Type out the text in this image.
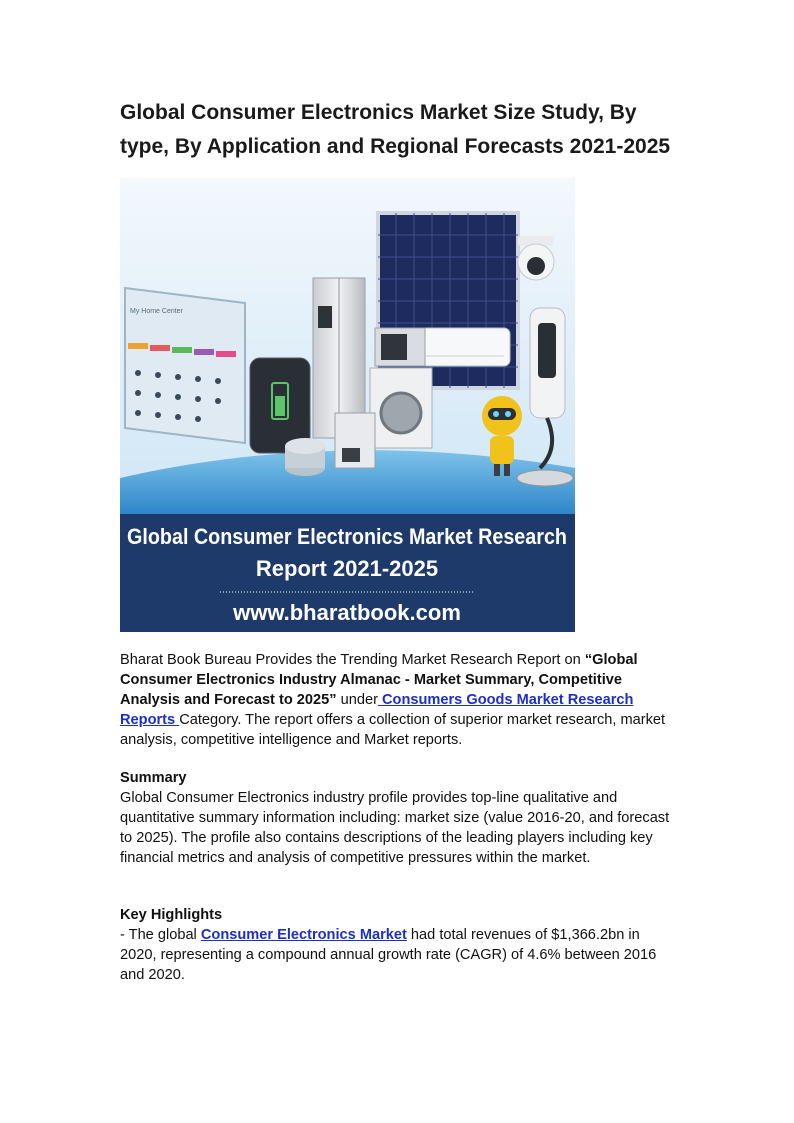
Global Consumer Electronics Market Size Study, By type, By Application and Regional Forecasts 2021-2025
My Home Center
Global Consumer Electronics Market Research
Report 2021-2025
www.bharatbook.com

Bharat Book Bureau Provides the Trending Market Research Report on “Global Consumer Electronics Industry Almanac - Market Summary, Competitive Analysis and Forecast to 2025” under Consumers Goods Market Research Reports Category. The report offers a collection of superior market research, market analysis, competitive intelligence and Market reports.

Summary
Global Consumer Electronics industry profile provides top-line qualitative and quantitative summary information including: market size (value 2016-20, and forecast to 2025). The profile also contains descriptions of the leading players including key financial metrics and analysis of competitive pressures within the market.
Key Highlights
- The global Consumer Electronics Market had total revenues of $1,366.2bn in 2020, representing a compound annual growth rate (CAGR) of 4.6% between 2016 and 2020.
